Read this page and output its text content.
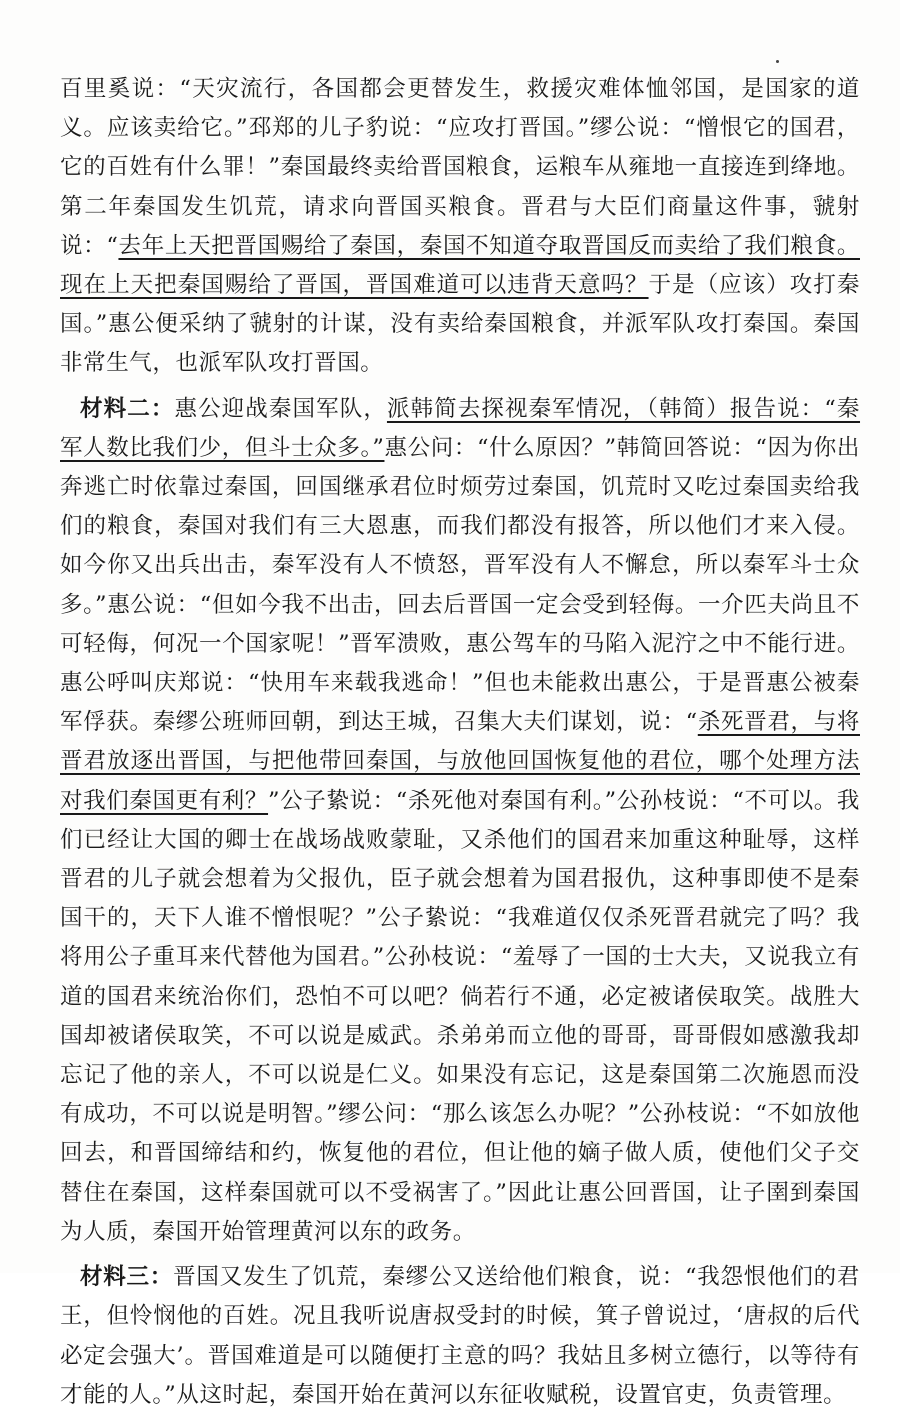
百里奚说：“天灾流行，各国都会更替发生，救援灾难体恤邻国，是国家的道义。应该卖给它。”邳郑的儿子豹说：“应攻打晋国。”缪公说：“憎恨它的国君，它的百姓有什么罪！”秦国最终卖给晋国粮食，运粮车从雍地一直接连到绛地。第二年秦国发生饥荒，请求向晋国买粮食。晋君与大臣们商量这件事，虢射说：“去年上天把晋国赐给了秦国，秦国不知道夺取晋国反而卖给了我们粮食。现在上天把秦国赐给了晋国，晋国难道可以违背天意吗？于是（应该）攻打秦国。”惠公便采纳了虢射的计谋，没有卖给秦国粮食，并派军队攻打秦国。秦国非常生气，也派军队攻打晋国。

材料二：惠公迎战秦国军队，派韩简去探视秦军情况，（韩简）报告说：“秦军人数比我们少，但斗士众多。”惠公问：“什么原因？”韩简回答说：“因为你出奔逃亡时依靠过秦国，回国继承君位时烦劳过秦国，饥荒时又吃过秦国卖给我们的粮食，秦国对我们有三大恩惠，而我们都没有报答，所以他们才来入侵。如今你又出兵出击，秦军没有人不愤怒，晋军没有人不懈怠，所以秦军斗士众多。”惠公说：“但如今我不出击，回去后晋国一定会受到轻侮。一介匹夫尚且不可轻侮，何况一个国家呢！”晋军溃败，惠公驾车的马陷入泥泞之中不能行进。惠公呼叫庆郑说：“快用车来载我逃命！”但也未能救出惠公，于是晋惠公被秦军俘获。秦缪公班师回朝，到达王城，召集大夫们谋划，说：“杀死晋君，与将晋君放逐出晋国，与把他带回秦国，与放他回国恢复他的君位，哪个处理方法对我们秦国更有利？”公子絷说：“杀死他对秦国有利。”公孙枝说：“不可以。我们已经让大国的卿士在战场战败蒙耻，又杀他们的国君来加重这种耻辱，这样晋君的儿子就会想着为父报仇，臣子就会想着为国君报仇，这种事即使不是秦国干的，天下人谁不憎恨呢？”公子絷说：“我难道仅仅杀死晋君就完了吗？我将用公子重耳来代替他为国君。”公孙枝说：“羞辱了一国的士大夫，又说我立有道的国君来统治你们，恐怕不可以吧？倘若行不通，必定被诸侯取笑。战胜大国却被诸侯取笑，不可以说是威武。杀弟弟而立他的哥哥，哥哥假如感激我却忘记了他的亲人，不可以说是仁义。如果没有忘记，这是秦国第二次施恩而没有成功，不可以说是明智。”缪公问：“那么该怎么办呢？”公孙枝说：“不如放他回去，和晋国缔结和约，恢复他的君位，但让他的嫡子做人质，使他们父子交替住在秦国，这样秦国就可以不受祸害了。”因此让惠公回晋国，让子圉到秦国为人质，秦国开始管理黄河以东的政务。

材料三：晋国又发生了饥荒，秦缪公又送给他们粮食，说：“我怨恨他们的君王，但怜悯他的百姓。况且我听说唐叔受封的时候，箕子曾说过，‘唐叔的后代必定会强大’。晋国难道是可以随便打主意的吗？我姑且多树立德行，以等待有才能的人。”从这时起，秦国开始在黄河以东征收赋税，设置官吏，负责管理。
